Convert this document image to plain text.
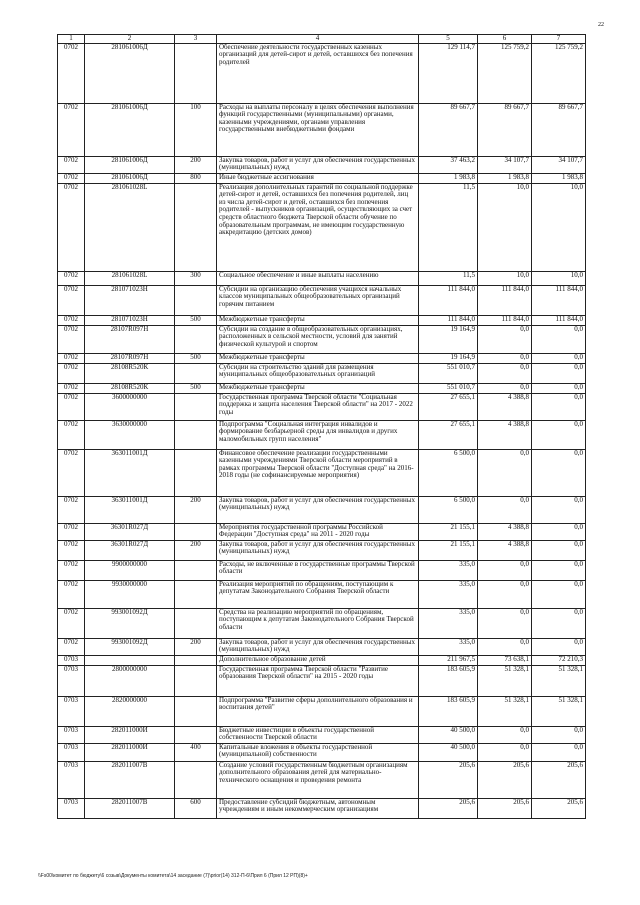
22
1	2	3	4	5	6	7
0702	281061006Д		Обеспечение деятельности государственных казенных организаций для детей-сирот и детей, оставшихся без попечения родителей	129 114,7	125 759,2	125 759,2
0702	281061006Д	100	Расходы на выплаты персоналу в целях обеспечения выполнения функций государственными (муниципальными) органами, казенными учреждениями, органами управления государственными внебюджетными фондами	89 667,7	89 667,7	89 667,7
0702	281061006Д	200	Закупка товаров, работ и услуг для обеспечения государственных (муниципальных) нужд	37 463,2	34 107,7	34 107,7
0702	281061006Д	800	Иные бюджетные ассигнования	1 983,8	1 983,8	1 983,8
0702	281061028L		Реализация дополнительных гарантий по социальной поддержке детей-сирот и детей, оставшихся без попечения родителей, лиц из числа детей-сирот и детей, оставшихся без попечения родителей - выпускников организаций, осуществляющих за счет средств областного бюджета Тверской области обучение по образовательным программам, не имеющим государственную аккредитацию (детских домов)	11,5	10,0	10,0
0702	281061028L	300	Социальное обеспечение и иные выплаты населению	11,5	10,0	10,0
0702	281071023Н		Субсидии на организацию обеспечения учащихся начальных классов муниципальных общеобразовательных организаций горячим питанием	111 844,0	111 844,0	111 844,0
0702	281071023Н	500	Межбюджетные трансферты	111 844,0	111 844,0	111 844,0
0702	28107R097Н		Субсидии на создание в общеобразовательных организациях, расположенных в сельской местности, условий для занятий физической культурой и спортом	19 164,9	0,0	0,0
0702	28107R097Н	500	Межбюджетные трансферты	19 164,9	0,0	0,0
0702	28108R520К		Субсидии на строительство зданий для размещения муниципальных общеобразовательных организаций	551 010,7	0,0	0,0
0702	28108R520К	500	Межбюджетные трансферты	551 010,7	0,0	0,0
0702	3600000000		Государственная программа Тверской области "Социальная поддержка и защита населения Тверской области" на 2017 - 2022 годы	27 655,1	4 388,8	0,0
0702	3630000000		Подпрограмма "Социальная интеграция инвалидов и формирование безбарьерной среды для инвалидов и других маломобильных групп населения"	27 655,1	4 388,8	0,0
0702	363011001Д		Финансовое обеспечение реализации государственными казенными учреждениями Тверской области мероприятий в рамках программы Тверской области "Доступная среда" на 2016-2018 годы (не софинансируемые мероприятия)	6 500,0	0,0	0,0
0702	363011001Д	200	Закупка товаров, работ и услуг для обеспечения государственных (муниципальных) нужд	6 500,0	0,0	0,0
0702	36301R027Д		Мероприятия государственной программы Российской Федерации "Доступная среда" на 2011 - 2020 годы	21 155,1	4 388,8	0,0
0702	36301R027Д	200	Закупка товаров, работ и услуг для обеспечения государственных (муниципальных) нужд	21 155,1	4 388,8	0,0
0702	9900000000		Расходы, не включенные в государственные программы Тверской области	335,0	0,0	0,0
0702	9930000000		Реализация мероприятий по обращениям, поступающим к депутатам Законодательного Собрания Тверской области	335,0	0,0	0,0
0702	993001092Д		Средства на реализацию мероприятий по обращениям, поступающим к депутатам Законодательного Собрания Тверской области	335,0	0,0	0,0
0702	993001092Д	200	Закупка товаров, работ и услуг для обеспечения государственных (муниципальных) нужд	335,0	0,0	0,0
0703			Дополнительное образование детей	211 967,5	73 638,1	72 210,3
0703	2800000000		Государственная программа Тверской области "Развитие образования Тверской области" на 2015 - 2020 годы	183 605,9	51 328,1	51 328,1
0703	2820000000		Подпрограмма "Развитие сферы дополнительного образования и воспитания детей"	183 605,9	51 328,1	51 328,1
0703	282011000И		Бюджетные инвестиции в объекты государственной собственности Тверской области	40 500,0	0,0	0,0
0703	282011000И	400	Капитальные вложения в объекты государственной (муниципальной) собственности	40 500,0	0,0	0,0
0703	282011007В		Создание условий государственным бюджетным организациям дополнительного образования детей для материально-технического оснащения и проведения ремонта	205,6	205,6	205,6
0703	282011007В	600	Предоставление субсидий бюджетным, автономным учреждениям и иным некоммерческим организациям	205,6	205,6	205,6
\\Fs00\комитет по бюджету\6 созыв\Документы комитета\14 заседание (7)\prior(14) 312-П-6\Прил 6 (Прил 12 РП)(8)+
